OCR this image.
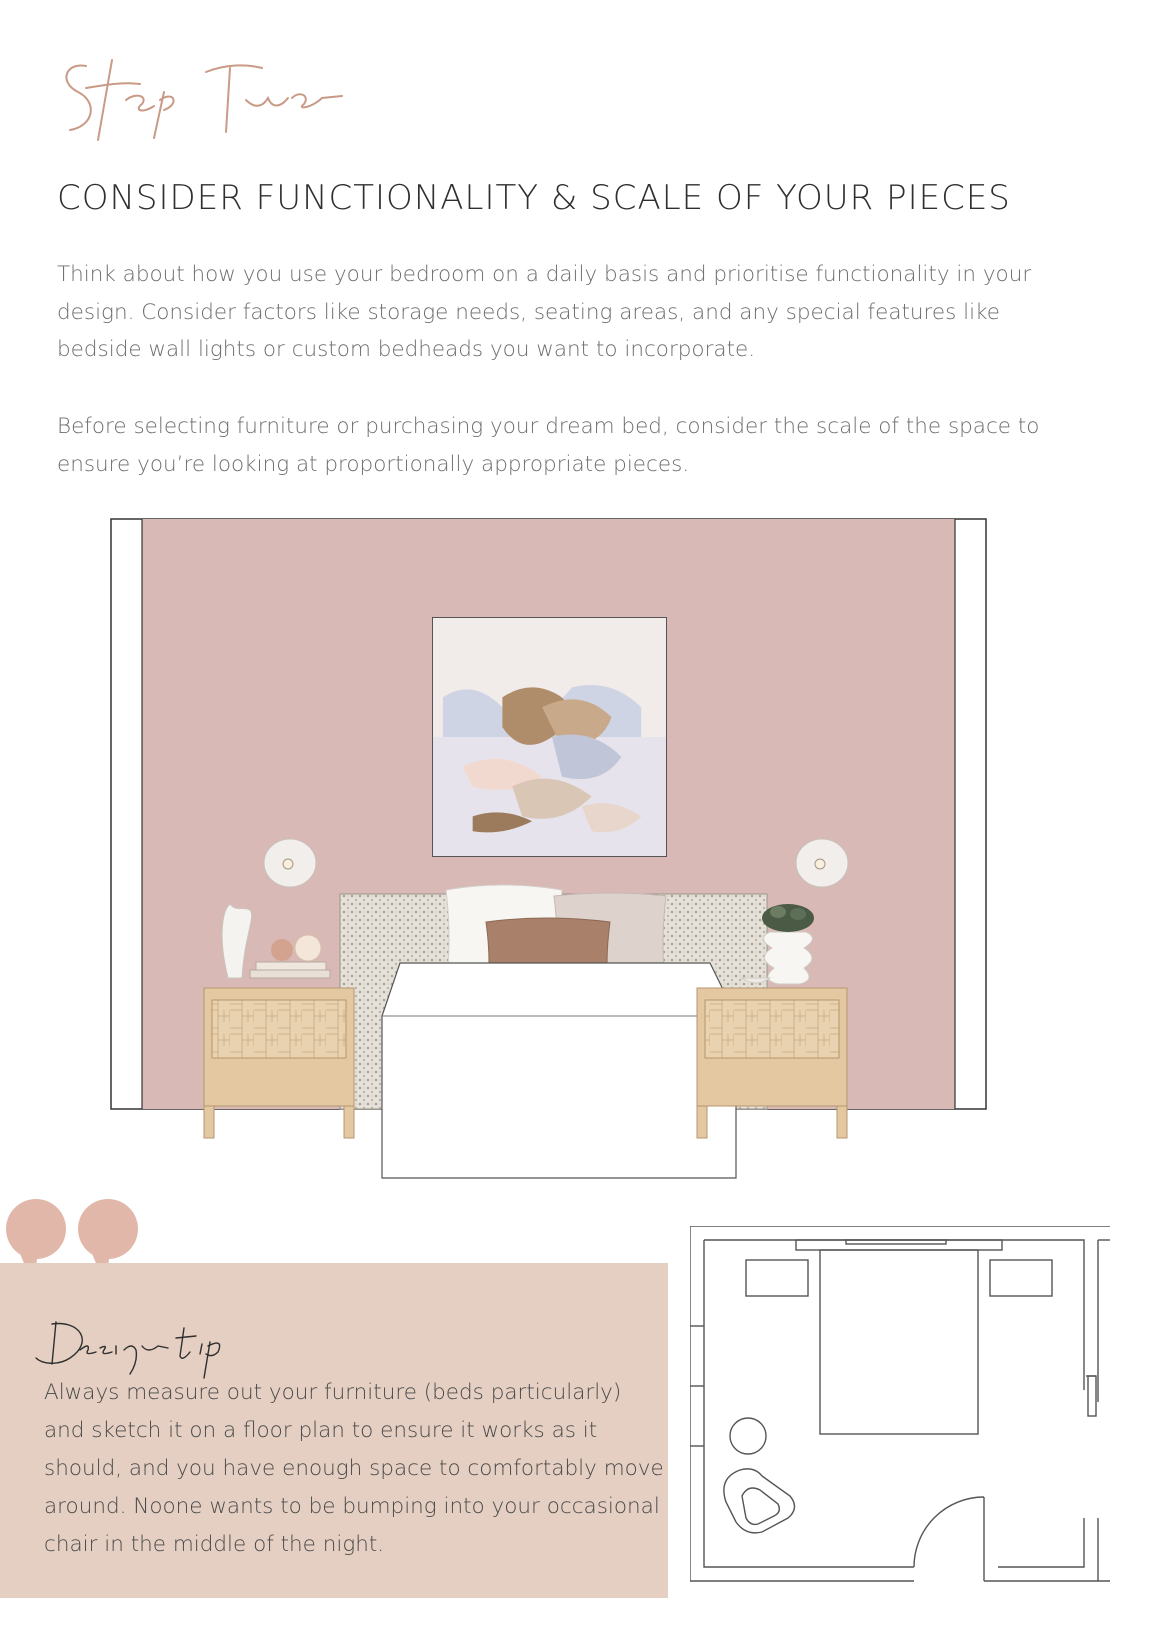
CONSIDER FUNCTIONALITY & SCALE OF YOUR PIECES

Think about how you use your bedroom on a daily basis and prioritise functionality in your design. Consider factors like storage needs, seating areas, and any special features like bedside wall lights or custom bedheads you want to incorporate.

Before selecting furniture or purchasing your dream bed, consider the scale of the space to ensure you’re looking at proportionally appropriate pieces.

Always measure out your furniture (beds particularly) and sketch it on a floor plan to ensure it works as it should, and you have enough space to comfortably move around. Noone wants to be bumping into your occasional chair in the middle of the night.
